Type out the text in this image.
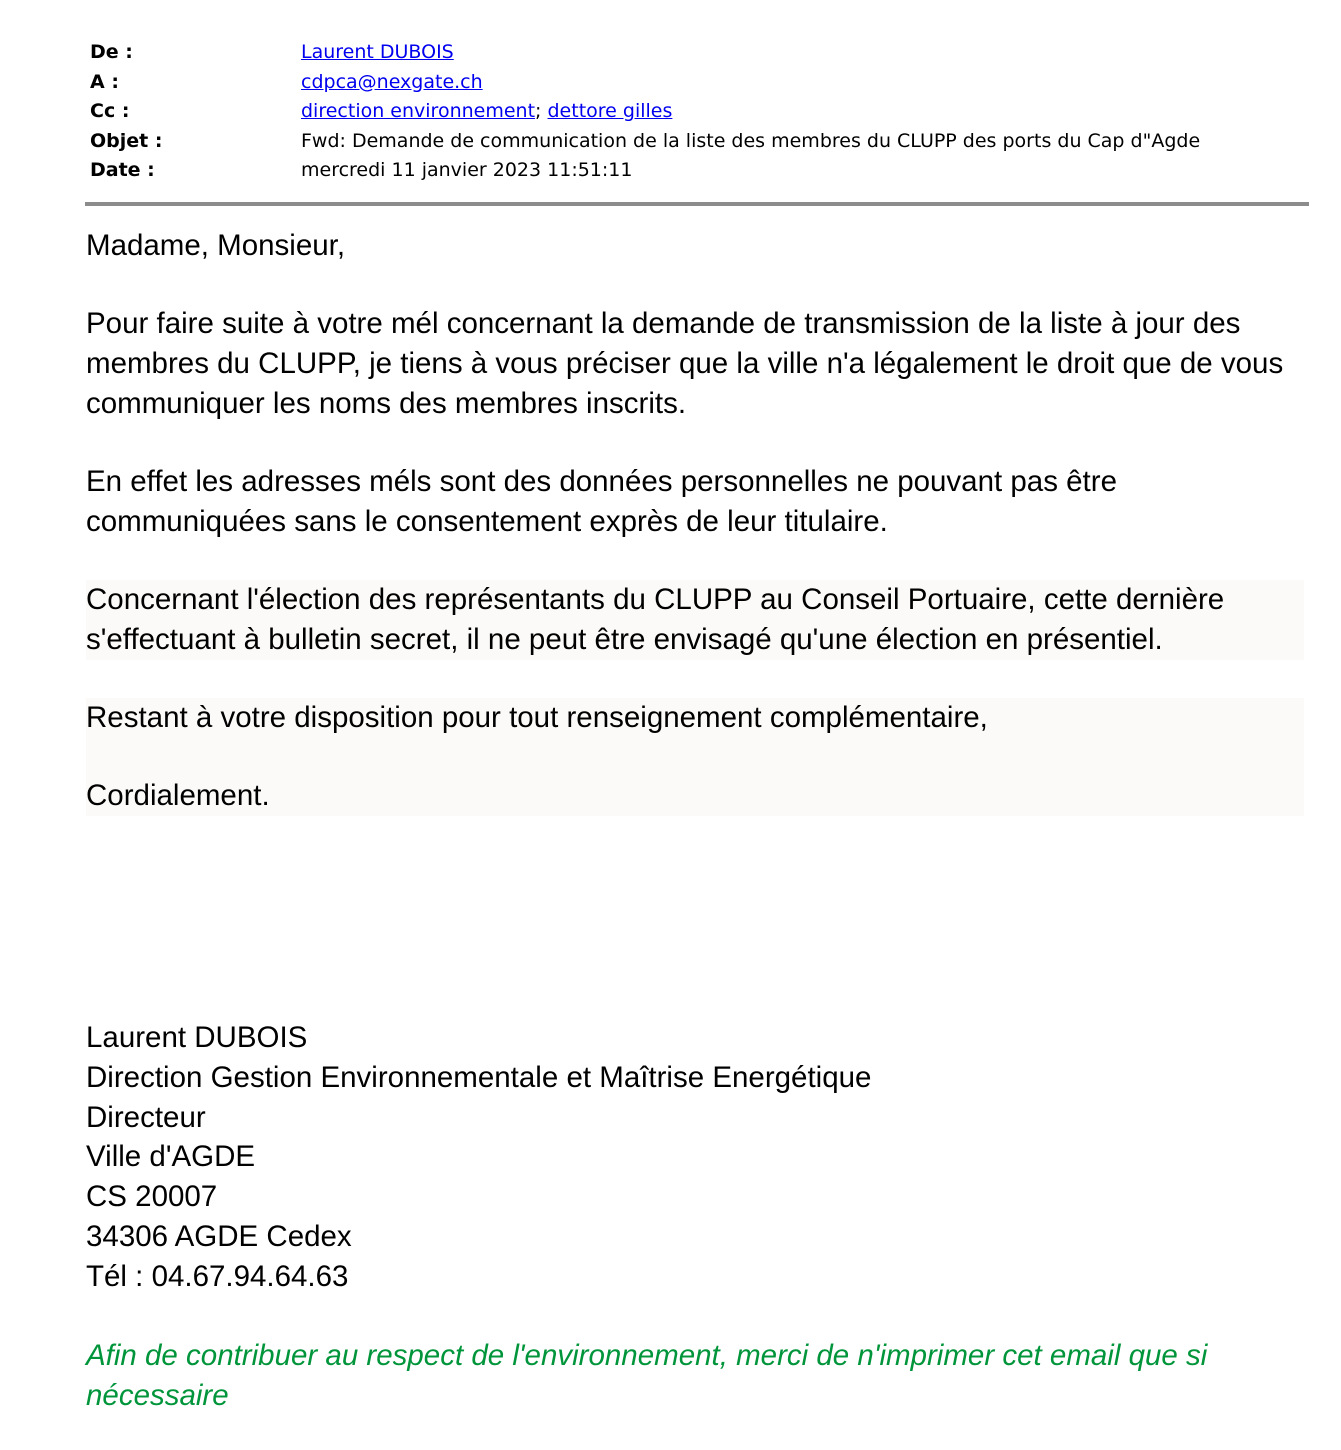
De :	Laurent DUBOIS
A :	cdpca@nexgate.ch
Cc :	direction environnement; dettore gilles
Objet :	Fwd: Demande de communication de la liste des membres du CLUPP des ports du Cap d"Agde
Date :	mercredi 11 janvier 2023 11:51:11

Madame, Monsieur,

Pour faire suite à votre mél concernant la demande de transmission de la liste à jour des membres du CLUPP, je tiens à vous préciser que la ville n'a légalement le droit que de vous communiquer les noms des membres inscrits.

En effet les adresses méls sont des données personnelles ne pouvant pas être communiquées sans le consentement exprès de leur titulaire.

Concernant l'élection des représentants du CLUPP au Conseil Portuaire, cette dernière s'effectuant à bulletin secret, il ne peut être envisagé qu'une élection en présentiel.

Restant à votre disposition pour tout renseignement complémentaire,

Cordialement.

Laurent DUBOIS
Direction Gestion Environnementale et Maîtrise Energétique
Directeur
Ville d'AGDE
CS 20007
34306 AGDE Cedex
Tél : 04.67.94.64.63
Afin de contribuer au respect de l'environnement, merci de n'imprimer cet email que si nécessaire
